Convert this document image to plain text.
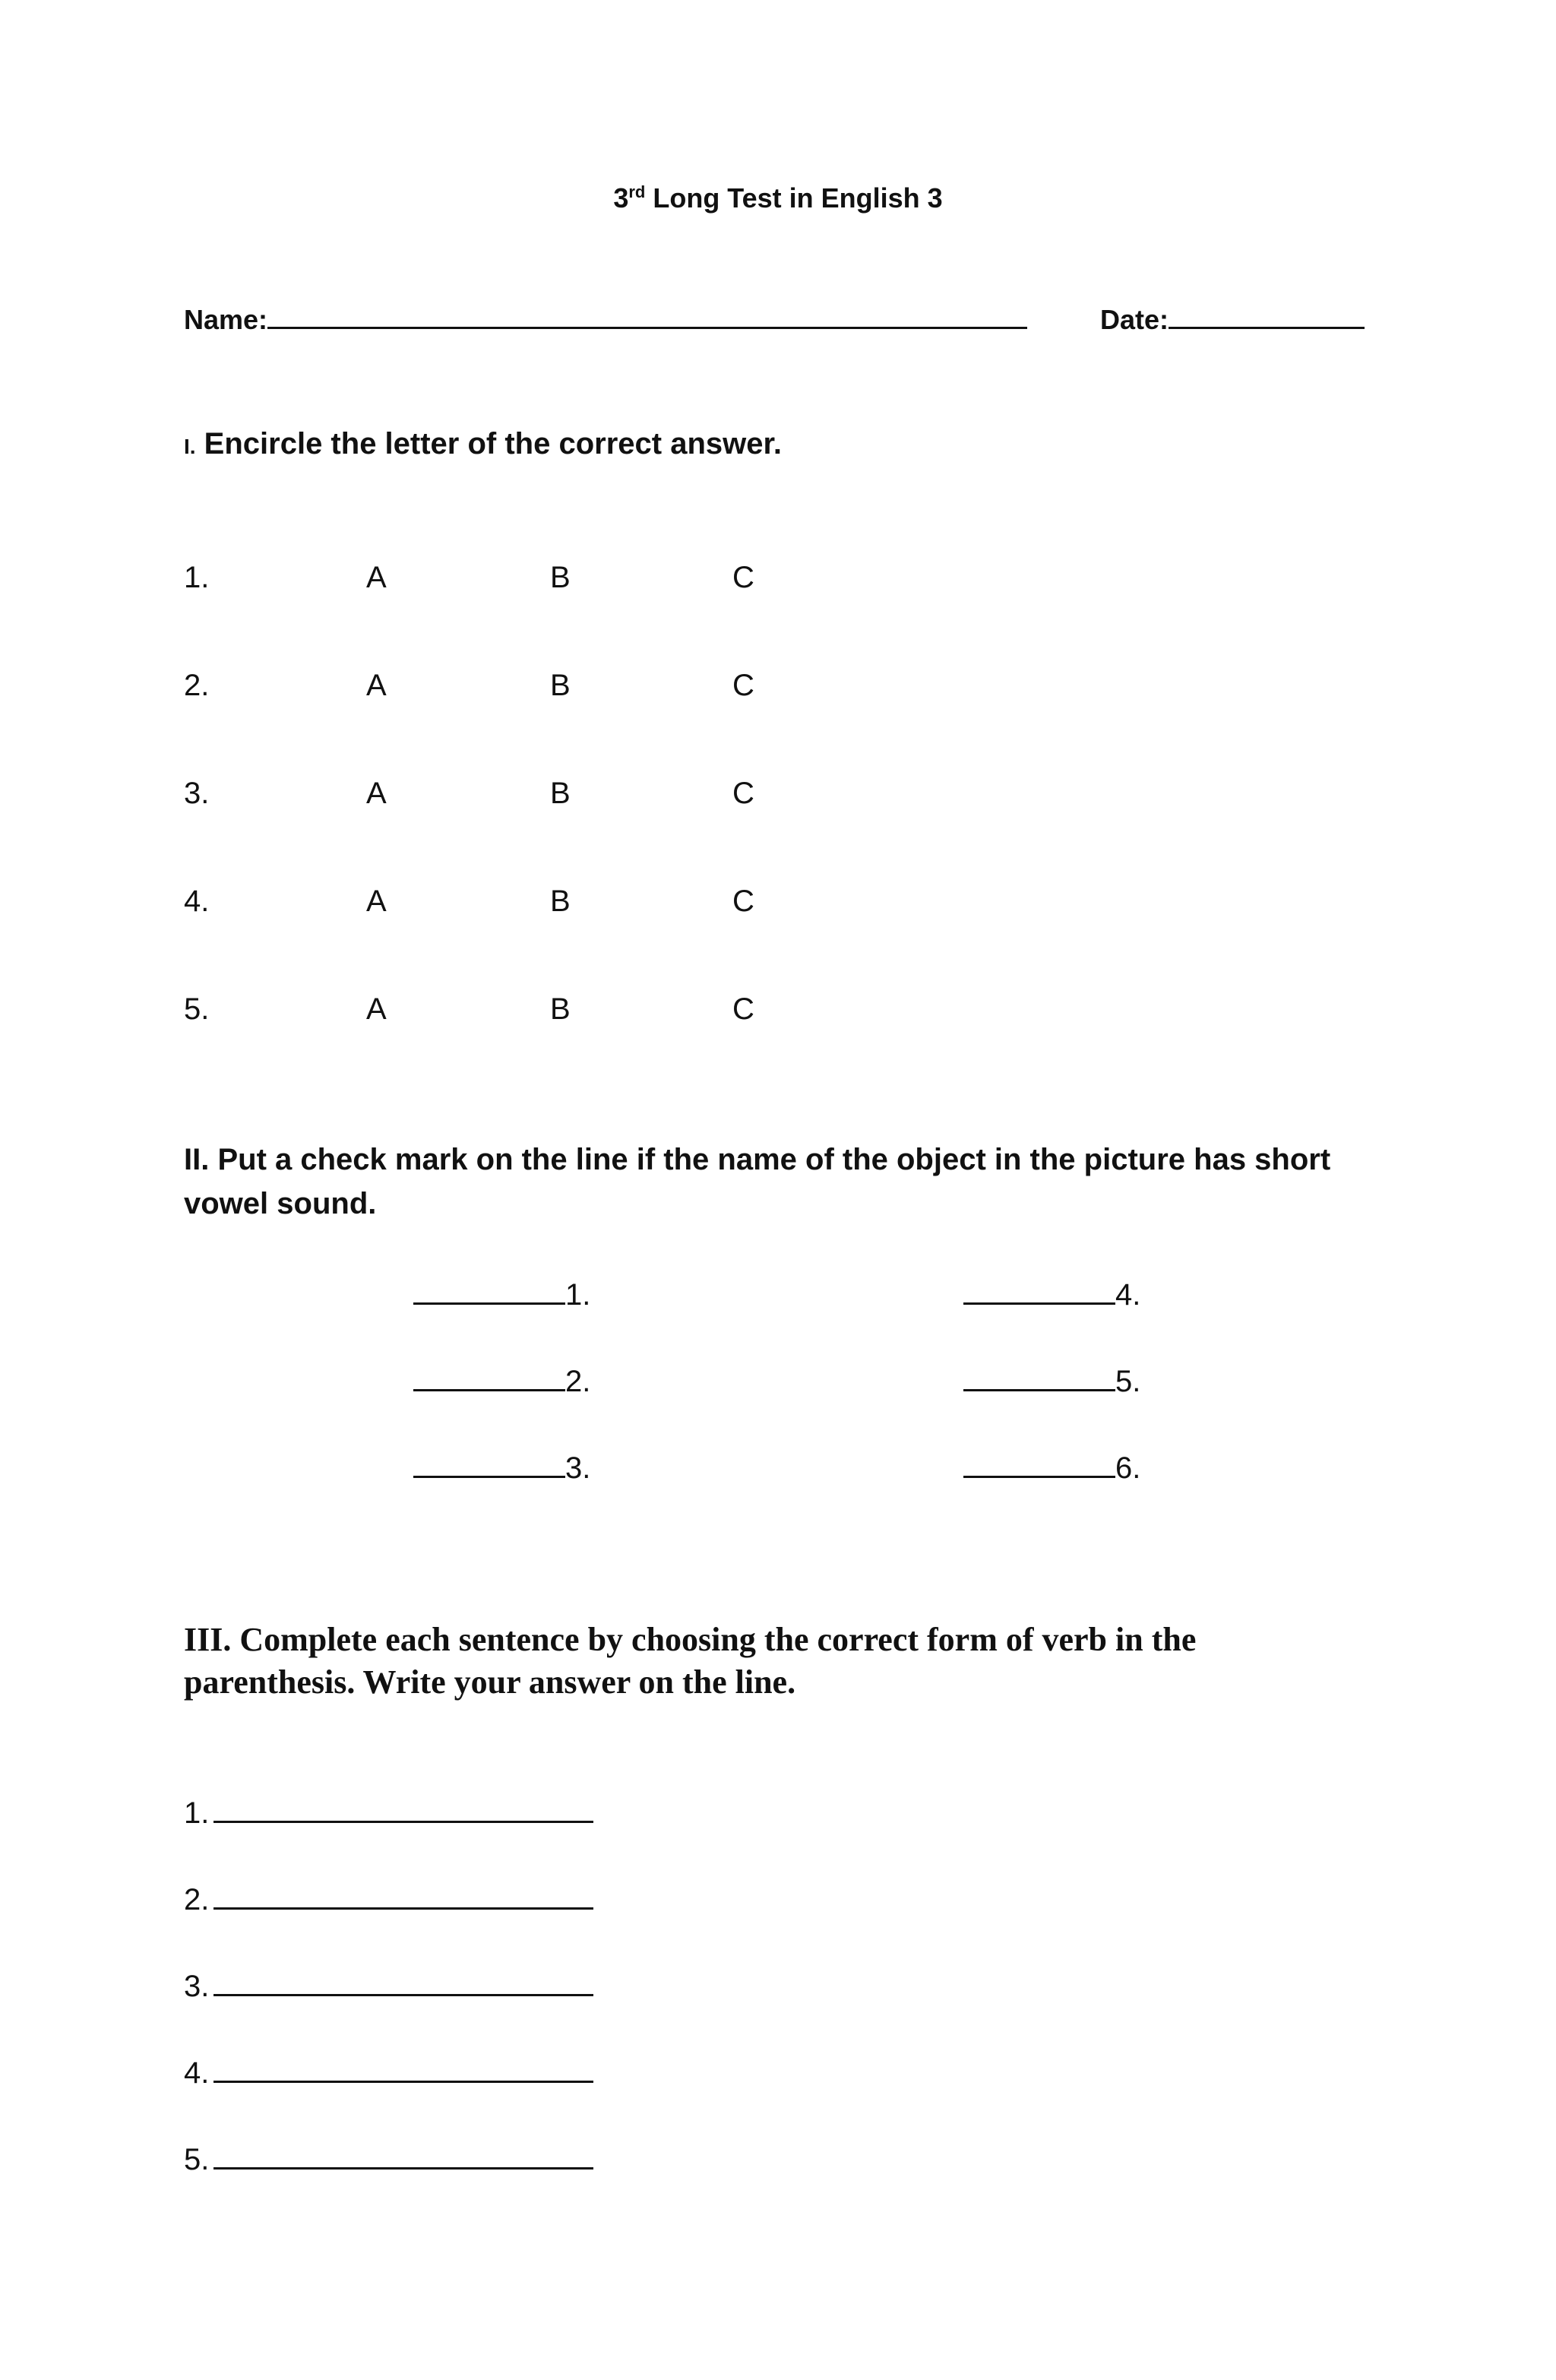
3rd Long Test in English 3
Name:	Date:
I. Encircle the letter of the correct answer.
1.	A	B	C
2.	A	B	C
3.	A	B	C
4.	A	B	C
5.	A	B	C
II. Put a check mark on the line if the name of the object in the picture has short
vowel sound.
1.
2.
3.
4.
5.
6.
III. Complete each sentence by choosing the correct form of verb in the
parenthesis. Write your answer on the line.
1.
2.
3.
4.
5.
